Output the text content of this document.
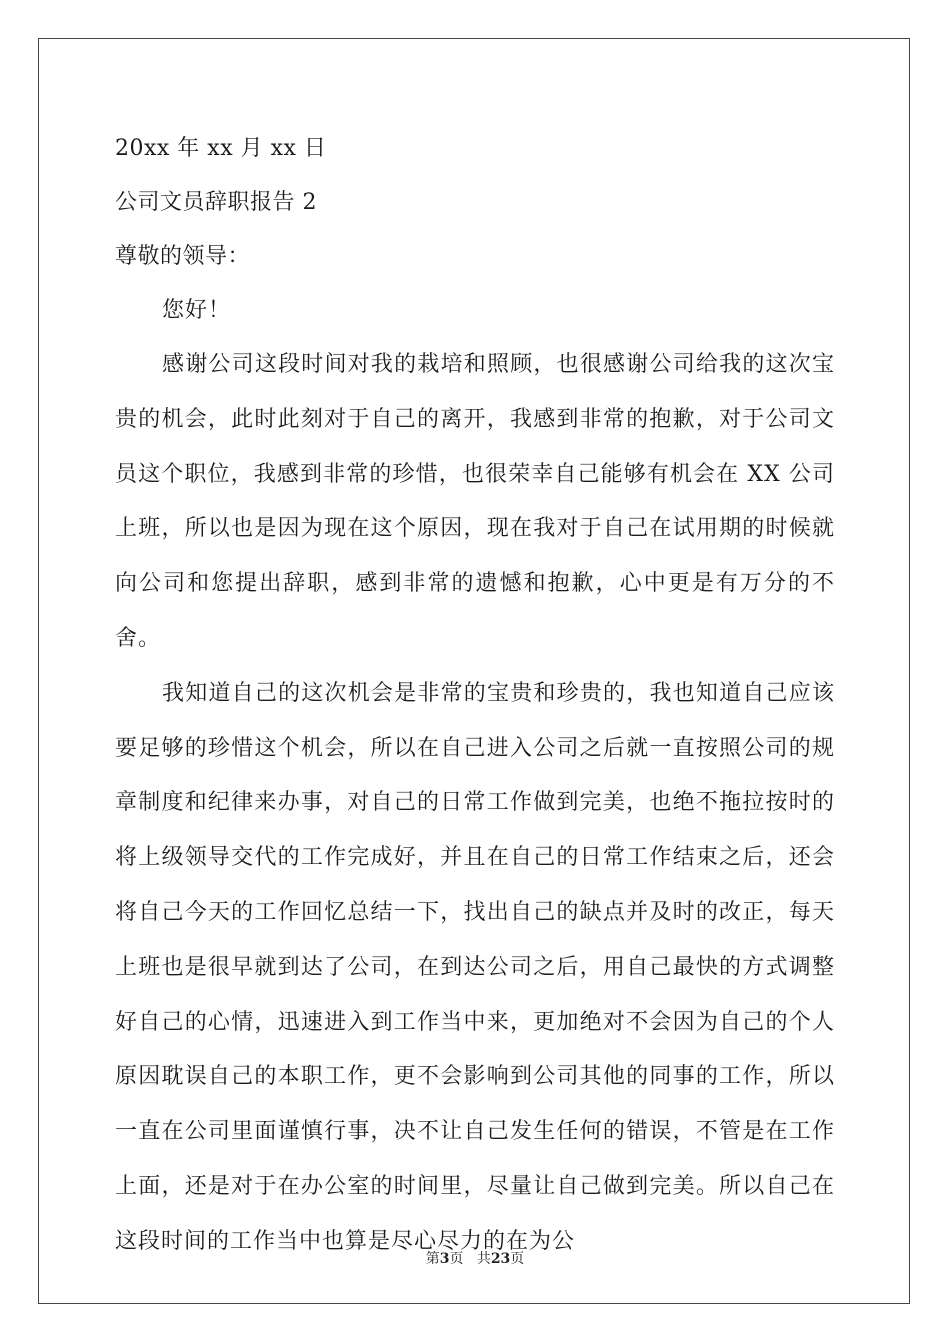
20xx 年 xx 月 xx 日

公司文员辞职报告 2

尊敬的领导：

您好！

感谢公司这段时间对我的栽培和照顾，也很感谢公司给我的这次宝贵的机会，此时此刻对于自己的离开，我感到非常的抱歉，对于公司文员这个职位，我感到非常的珍惜，也很荣幸自己能够有机会在 XX 公司上班，所以也是因为现在这个原因，现在我对于自己在试用期的时候就向公司和您提出辞职，感到非常的遗憾和抱歉，心中更是有万分的不舍。

我知道自己的这次机会是非常的宝贵和珍贵的，我也知道自己应该要足够的珍惜这个机会，所以在自己进入公司之后就一直按照公司的规章制度和纪律来办事，对自己的日常工作做到完美，也绝不拖拉按时的将上级领导交代的工作完成好，并且在自己的日常工作结束之后，还会将自己今天的工作回忆总结一下，找出自己的缺点并及时的改正，每天上班也是很早就到达了公司，在到达公司之后，用自己最快的方式调整好自己的心情，迅速进入到工作当中来，更加绝对不会因为自己的个人原因耽误自己的本职工作，更不会影响到公司其他的同事的工作，所以一直在公司里面谨慎行事，决不让自己发生任何的错误，不管是在工作上面，还是对于在办公室的时间里，尽量让自己做到完美。所以自己在这段时间的工作当中也算是尽心尽力的在为公

第3页 共23页
